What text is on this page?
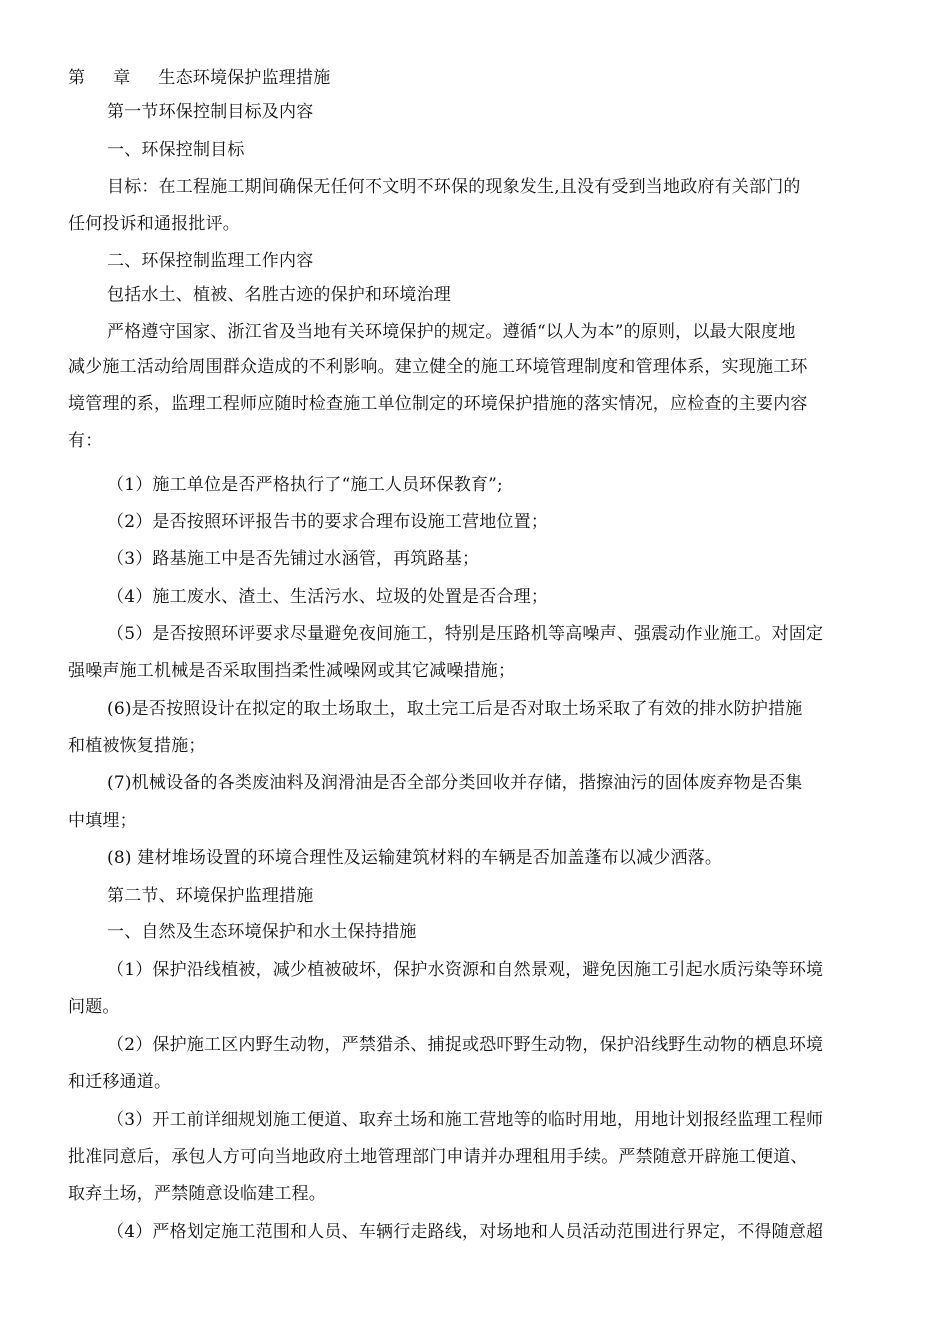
第 章 生态环境保护监理措施
第一节环保控制目标及内容
一、环保控制目标
目标：在工程施工期间确保无任何不文明不环保的现象发生,且没有受到当地政府有关部门的
任何投诉和通报批评。
二、环保控制监理工作内容
包括水土、植被、名胜古迹的保护和环境治理
严格遵守国家、浙江省及当地有关环境保护的规定。遵循“以人为本”的原则，以最大限度地
减少施工活动给周围群众造成的不利影响。建立健全的施工环境管理制度和管理体系，实现施工环
境管理的系，监理工程师应随时检查施工单位制定的环境保护措施的落实情况，应检查的主要内容
有：
（1）施工单位是否严格执行了“施工人员环保教育”;
（2）是否按照环评报告书的要求合理布设施工营地位置；
（3）路基施工中是否先铺过水涵管，再筑路基；
（4）施工废水、渣土、生活污水、垃圾的处置是否合理；
（5）是否按照环评要求尽量避免夜间施工，特别是压路机等高噪声、强震动作业施工。对固定
强噪声施工机械是否采取围挡柔性减噪网或其它减噪措施；
(6)是否按照设计在拟定的取土场取土，取土完工后是否对取土场采取了有效的排水防护措施
和植被恢复措施；
(7)机械设备的各类废油料及润滑油是否全部分类回收并存储，揩擦油污的固体废弃物是否集
中填埋；
(8) 建材堆场设置的环境合理性及运输建筑材料的车辆是否加盖蓬布以减少洒落。
第二节、环境保护监理措施
一、自然及生态环境保护和水土保持措施
（1）保护沿线植被，减少植被破坏，保护水资源和自然景观，避免因施工引起水质污染等环境
问题。
（2）保护施工区内野生动物，严禁猎杀、捕捉或恐吓野生动物，保护沿线野生动物的栖息环境
和迁移通道。
（3）开工前详细规划施工便道、取弃土场和施工营地等的临时用地，用地计划报经监理工程师
批准同意后，承包人方可向当地政府土地管理部门申请并办理租用手续。严禁随意开辟施工便道、
取弃土场，严禁随意设临建工程。
（4）严格划定施工范围和人员、车辆行走路线，对场地和人员活动范围进行界定，不得随意超
